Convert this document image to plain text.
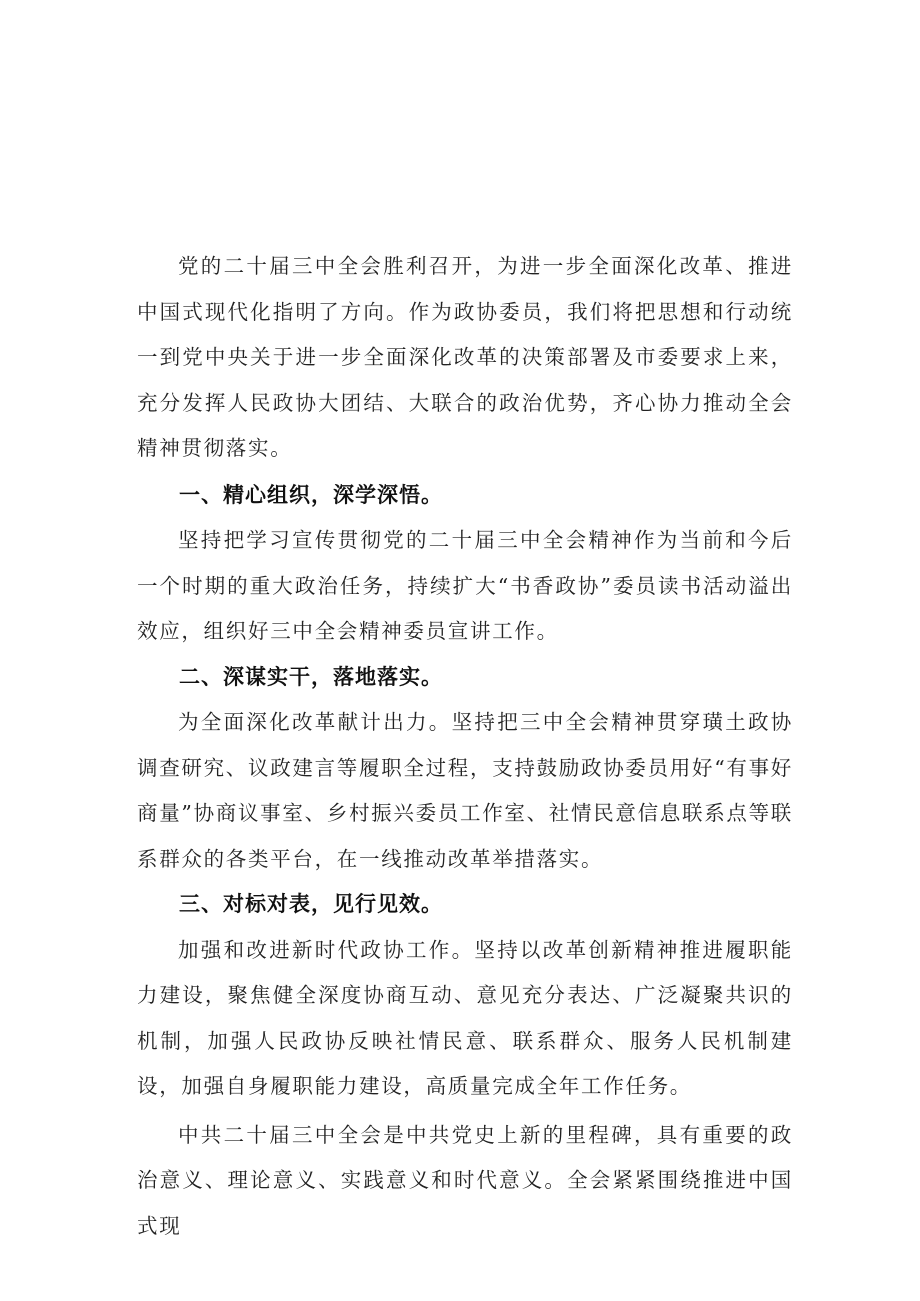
党的二十届三中全会胜利召开，为进一步全面深化改革、推进中国式现代化指明了方向。作为政协委员，我们将把思想和行动统一到党中央关于进一步全面深化改革的决策部署及市委要求上来，充分发挥人民政协大团结、大联合的政治优势，齐心协力推动全会精神贯彻落实。

一、精心组织，深学深悟。

坚持把学习宣传贯彻党的二十届三中全会精神作为当前和今后一个时期的重大政治任务，持续扩大“书香政协”委员读书活动溢出效应，组织好三中全会精神委员宣讲工作。

二、深谋实干，落地落实。

为全面深化改革献计出力。坚持把三中全会精神贯穿璜土政协调查研究、议政建言等履职全过程，支持鼓励政协委员用好“有事好商量”协商议事室、乡村振兴委员工作室、社情民意信息联系点等联系群众的各类平台，在一线推动改革举措落实。

三、对标对表，见行见效。

加强和改进新时代政协工作。坚持以改革创新精神推进履职能力建设，聚焦健全深度协商互动、意见充分表达、广泛凝聚共识的机制，加强人民政协反映社情民意、联系群众、服务人民机制建设，加强自身履职能力建设，高质量完成全年工作任务。

中共二十届三中全会是中共党史上新的里程碑，具有重要的政治意义、理论意义、实践意义和时代意义。全会紧紧围绕推进中国式现
